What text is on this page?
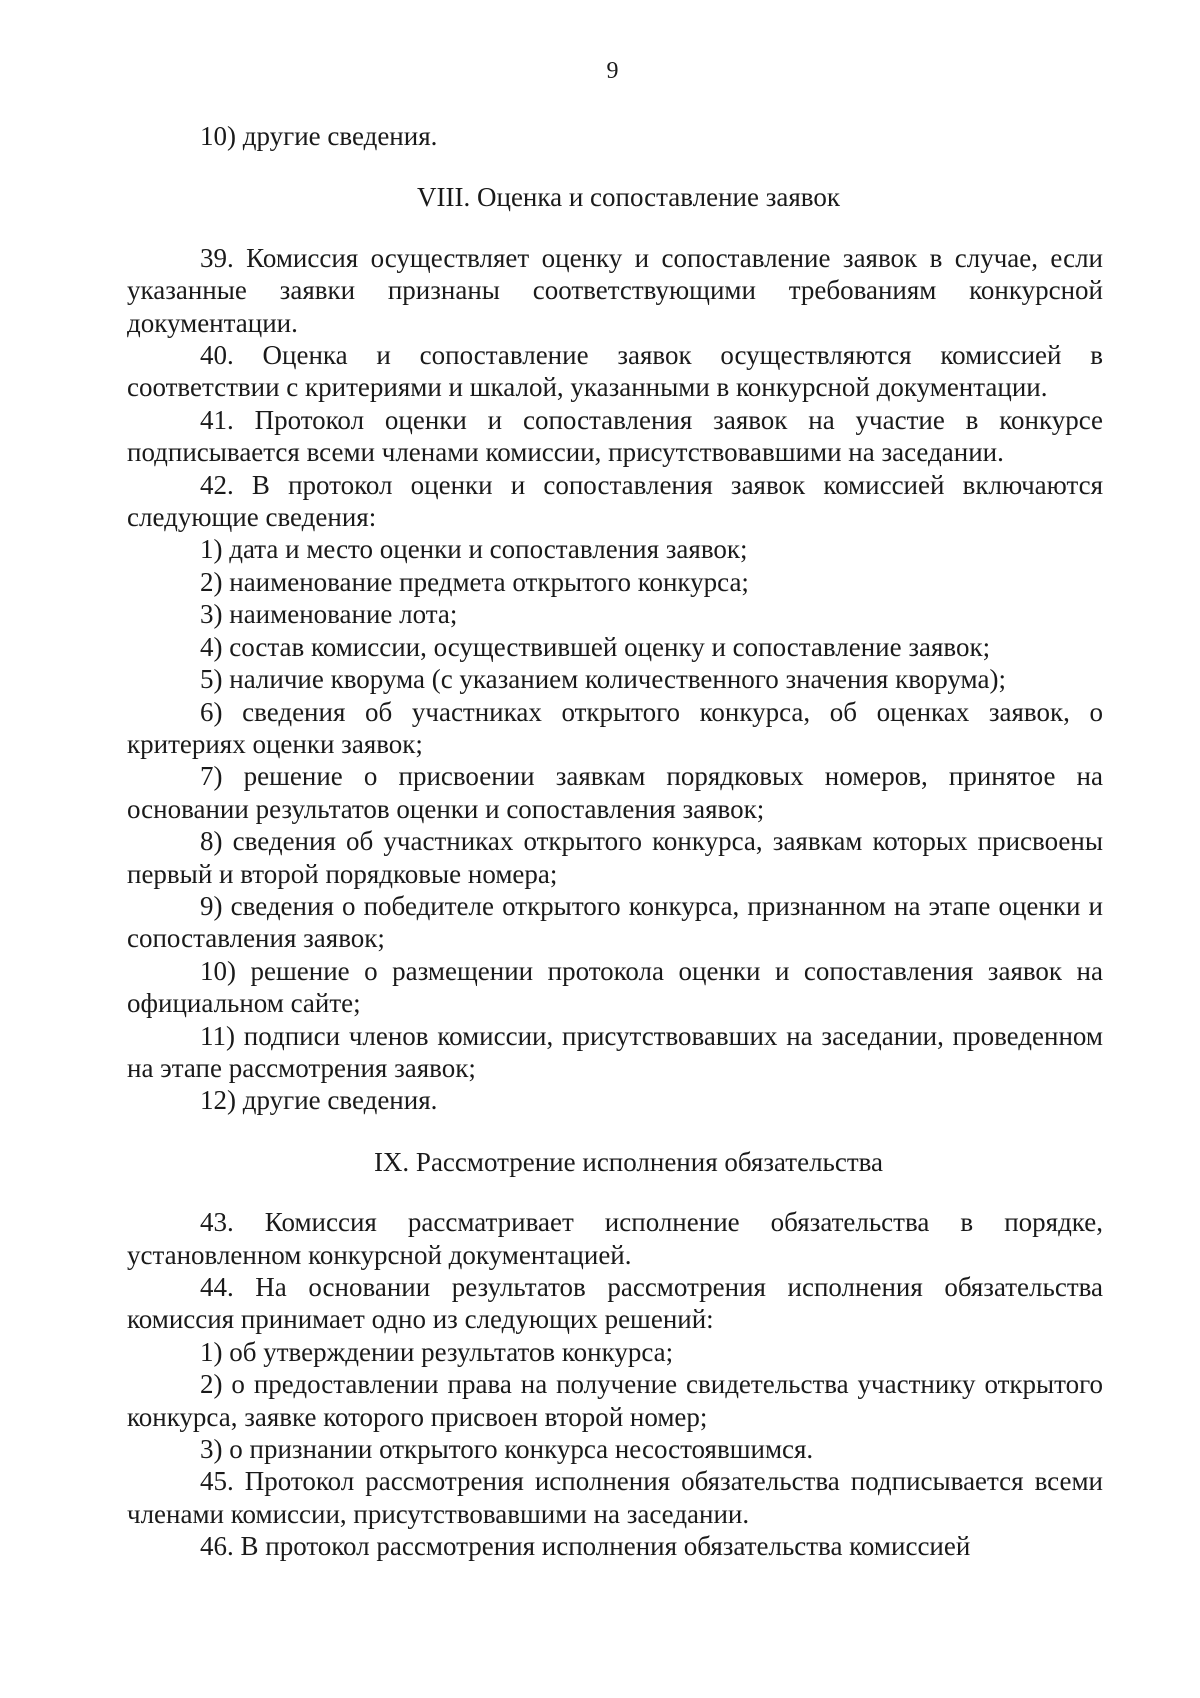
9

10) другие сведения.

VIII. Оценка и сопоставление заявок

39. Комиссия осуществляет оценку и сопоставление заявок в случае, если указанные заявки признаны соответствующими требованиям конкурсной документации.

40. Оценка и сопоставление заявок осуществляются комиссией в соответствии с критериями и шкалой, указанными в конкурсной документации.

41. Протокол оценки и сопоставления заявок на участие в конкурсе подписывается всеми членами комиссии, присутствовавшими на заседании.

42. В протокол оценки и сопоставления заявок комиссией включаются следующие сведения:

1) дата и место оценки и сопоставления заявок;

2) наименование предмета открытого конкурса;

3) наименование лота;

4) состав комиссии, осуществившей оценку и сопоставление заявок;

5) наличие кворума (с указанием количественного значения кворума);

6) сведения об участниках открытого конкурса, об оценках заявок, о критериях оценки заявок;

7) решение о присвоении заявкам порядковых номеров, принятое на основании результатов оценки и сопоставления заявок;

8) сведения об участниках открытого конкурса, заявкам которых присвоены первый и второй порядковые номера;

9) сведения о победителе открытого конкурса, признанном на этапе оценки и сопоставления заявок;

10) решение о размещении протокола оценки и сопоставления заявок на официальном сайте;

11) подписи членов комиссии, присутствовавших на заседании, проведенном на этапе рассмотрения заявок;

12) другие сведения.

IX. Рассмотрение исполнения обязательства

43. Комиссия рассматривает исполнение обязательства в порядке, установленном конкурсной документацией.

44. На основании результатов рассмотрения исполнения обязательства комиссия принимает одно из следующих решений:

1) об утверждении результатов конкурса;

2) о предоставлении права на получение свидетельства участнику открытого конкурса, заявке которого присвоен второй номер;

3) о признании открытого конкурса несостоявшимся.

45. Протокол рассмотрения исполнения обязательства подписывается всеми членами комиссии, присутствовавшими на заседании.

46. В протокол рассмотрения исполнения обязательства комиссией
